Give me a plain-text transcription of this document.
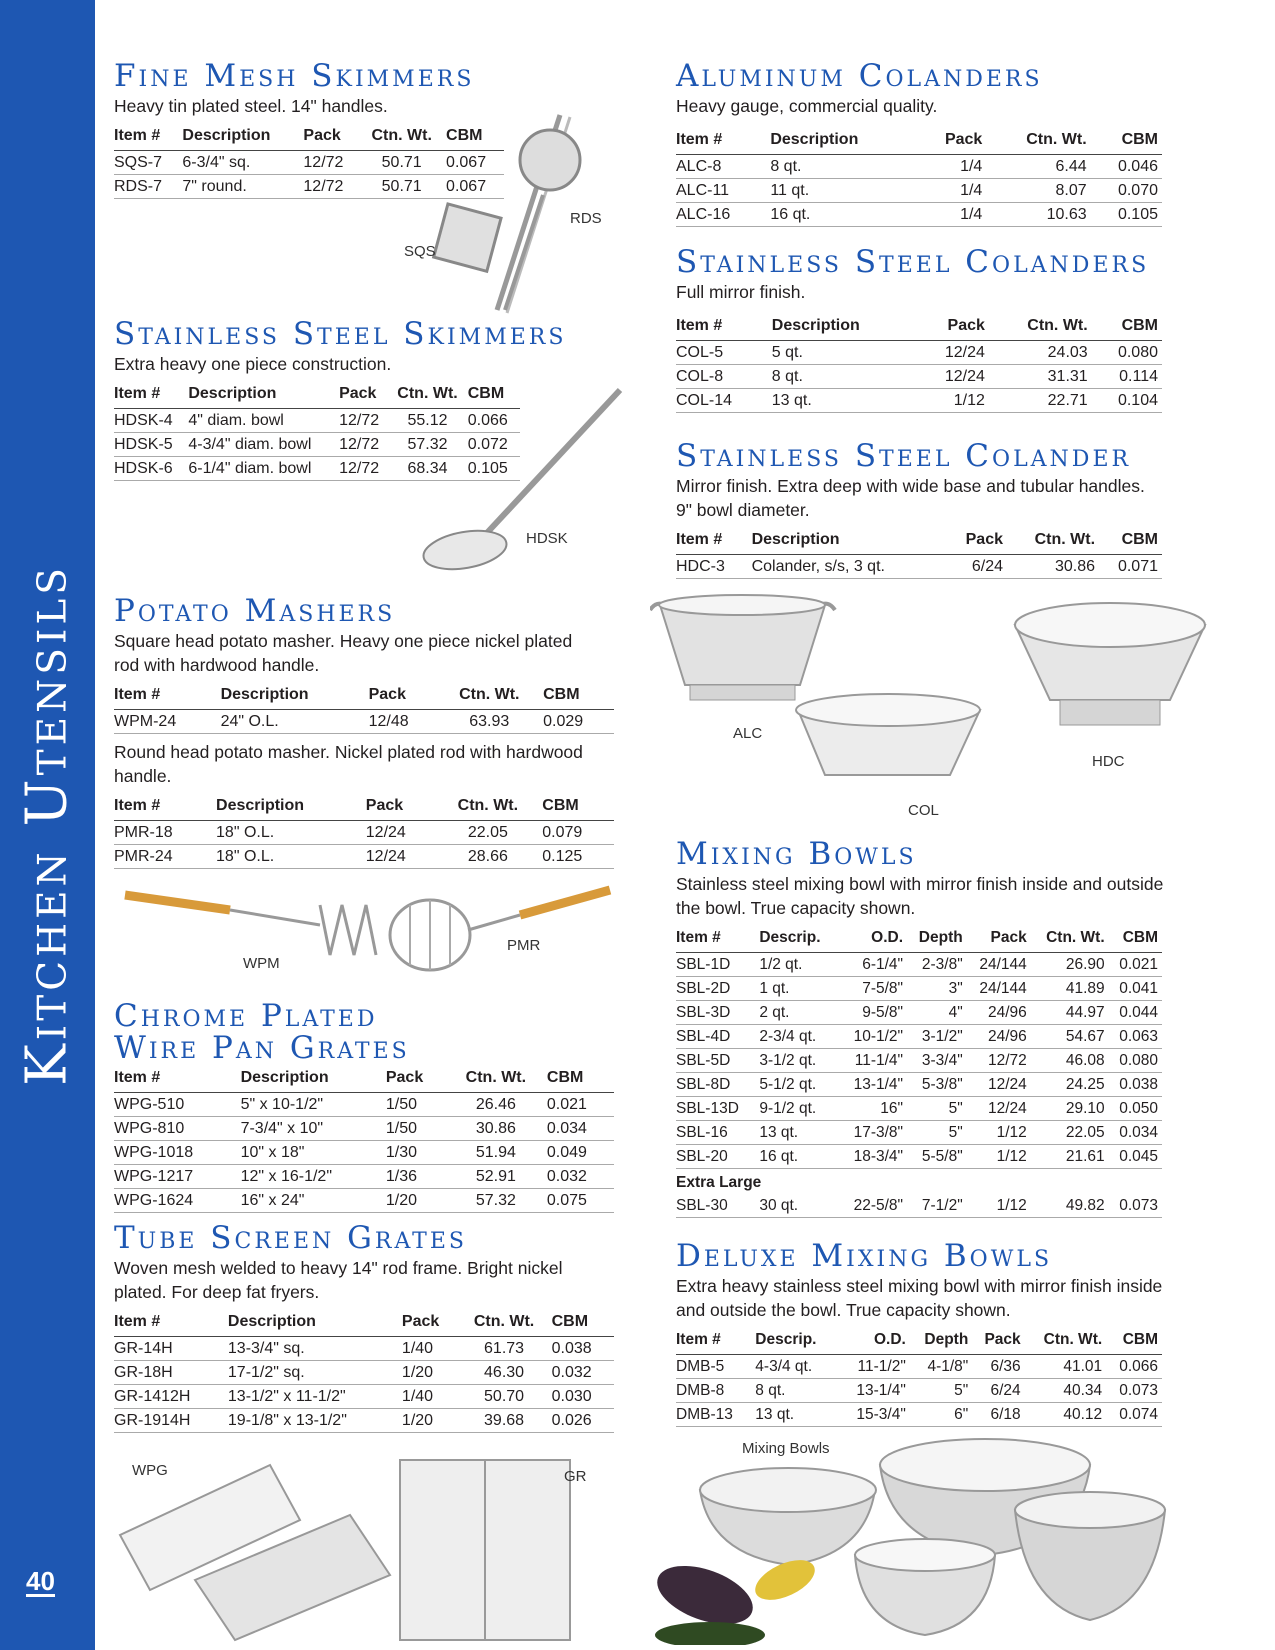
Kitchen Utensils
40
Fine Mesh Skimmers

Heavy tin plated steel. 14" handles.

Item #	Description	Pack	Ctn. Wt.	CBM
SQS-7	6-3/4" sq.	12/72	50.71	0.067
RDS-7	7" round.	12/72	50.71	0.067
RDS
SQS
Stainless Steel Skimmers

Extra heavy one piece construction.

Item #	Description	Pack	Ctn. Wt.	CBM
HDSK-4	4" diam. bowl	12/72	55.12	0.066
HDSK-5	4-3/4" diam. bowl	12/72	57.32	0.072
HDSK-6	6-1/4" diam. bowl	12/72	68.34	0.105
HDSK
Potato Mashers

Square head potato masher. Heavy one piece nickel plated rod with hardwood handle.

Item #	Description	Pack	Ctn. Wt.	CBM
WPM-24	24" O.L.	12/48	63.93	0.029

Round head potato masher. Nickel plated rod with hardwood handle.

Item #	Description	Pack	Ctn. Wt.	CBM
PMR-18	18" O.L.	12/24	22.05	0.079
PMR-24	18" O.L.	12/24	28.66	0.125
WPM
PMR
Chrome Plated
Wire Pan Grates
Item #	Description	Pack	Ctn. Wt.	CBM
WPG-510	5" x 10-1/2"	1/50	26.46	0.021
WPG-810	7-3/4" x 10"	1/50	30.86	0.034
WPG-1018	10" x 18"	1/30	51.94	0.049
WPG-1217	12" x 16-1/2"	1/36	52.91	0.032
WPG-1624	16" x 24"	1/20	57.32	0.075
Tube Screen Grates

Woven mesh welded to heavy 14" rod frame. Bright nickel plated. For deep fat fryers.

Item #	Description	Pack	Ctn. Wt.	CBM
GR-14H	13-3/4" sq.	1/40	61.73	0.038
GR-18H	17-1/2" sq.	1/20	46.30	0.032
GR-1412H	13-1/2" x 11-1/2"	1/40	50.70	0.030
GR-1914H	19-1/8" x 13-1/2"	1/20	39.68	0.026
WPG	GR
Aluminum Colanders

Heavy gauge, commercial quality.

Item #	Description	Pack	Ctn. Wt.	CBM
ALC-8	8 qt.	1/4	6.44	0.046
ALC-11	11 qt.	1/4	8.07	0.070
ALC-16	16 qt.	1/4	10.63	0.105
Stainless Steel Colanders

Full mirror finish.

Item #	Description	Pack	Ctn. Wt.	CBM
COL-5	5 qt.	12/24	24.03	0.080
COL-8	8 qt.	12/24	31.31	0.114
COL-14	13 qt.	1/12	22.71	0.104
Stainless Steel Colander

Mirror finish. Extra deep with wide base and tubular handles. 9" bowl diameter.

Item #	Description	Pack	Ctn. Wt.	CBM
HDC-3	Colander, s/s, 3 qt.	6/24	30.86	0.071
ALC
COL
HDC
Mixing Bowls

Stainless steel mixing bowl with mirror finish inside and outside the bowl. True capacity shown.

Item #	Descrip.	O.D.	Depth	Pack	Ctn. Wt.	CBM
SBL-1D	1/2 qt.	6-1/4"	2-3/8"	24/144	26.90	0.021
SBL-2D	1 qt.	7-5/8"	3"	24/144	41.89	0.041
SBL-3D	2 qt.	9-5/8"	4"	24/96	44.97	0.044
SBL-4D	2-3/4 qt.	10-1/2"	3-1/2"	24/96	54.67	0.063
SBL-5D	3-1/2 qt.	11-1/4"	3-3/4"	12/72	46.08	0.080
SBL-8D	5-1/2 qt.	13-1/4"	5-3/8"	12/24	24.25	0.038
SBL-13D	9-1/2 qt.	16"	5"	12/24	29.10	0.050
SBL-16	13 qt.	17-3/8"	5"	1/12	22.05	0.034
SBL-20	16 qt.	18-3/4"	5-5/8"	1/12	21.61	0.045
Extra Large						
SBL-30	30 qt.	22-5/8"	7-1/2"	1/12	49.82	0.073
Deluxe Mixing Bowls

Extra heavy stainless steel mixing bowl with mirror finish inside and outside the bowl. True capacity shown.

Item #	Descrip.	O.D.	Depth	Pack	Ctn. Wt.	CBM
DMB-5	4-3/4 qt.	11-1/2"	4-1/8"	6/36	41.01	0.066
DMB-8	8 qt.	13-1/4"	5"	6/24	40.34	0.073
DMB-13	13 qt.	15-3/4"	6"	6/18	40.12	0.074
Mixing Bowls
